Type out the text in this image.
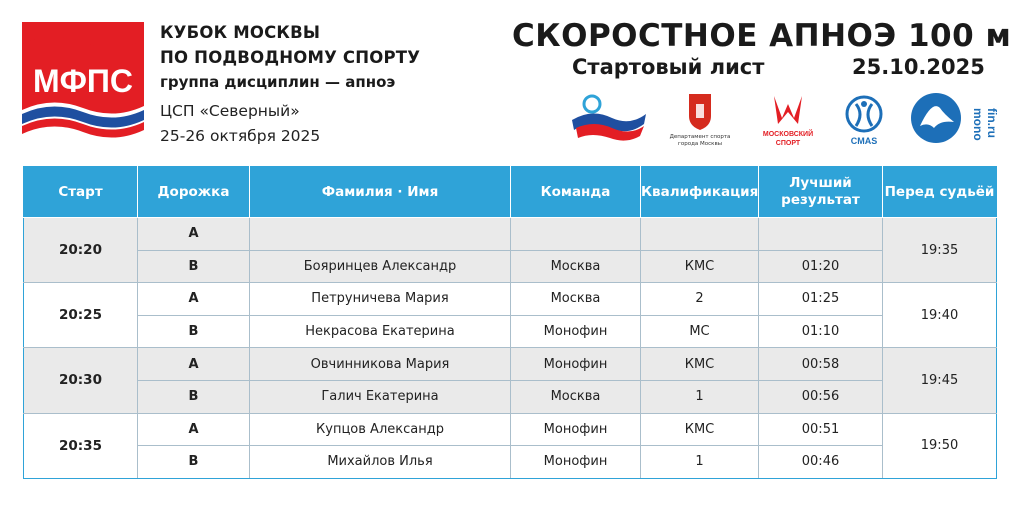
МФПС
КУБОК МОСКВЫ
ПО ПОДВОДНОМУ СПОРТУ
группа дисциплин — апноэ
ЦСП «Северный»
25-26 октября 2025
СКОРОСТНОЕ АПНОЭ 100 м
Стартовый лист	25.10.2025
Департамент спорта
города Москвы
МОСКОВСКИЙ
СПОРТ	CMAS
mono fin.ru
Старт	Дорожка	Фамилия · Имя	Команда	Квалификация	Лучший
результат	Перед судьёй
20:20	A					19:35
	B	Бояринцев Александр	Москва	КМС	01:20	
20:25	A	Петруничева Мария	Москва	2	01:25	19:40
	B	Некрасова Екатерина	Монофин	МС	01:10	
20:30	A	Овчинникова Мария	Монофин	КМС	00:58	19:45
	B	Галич Екатерина	Москва	1	00:56	
20:35	A	Купцов Александр	Монофин	КМС	00:51	19:50
	B	Михайлов Илья	Монофин	1	00:46	
